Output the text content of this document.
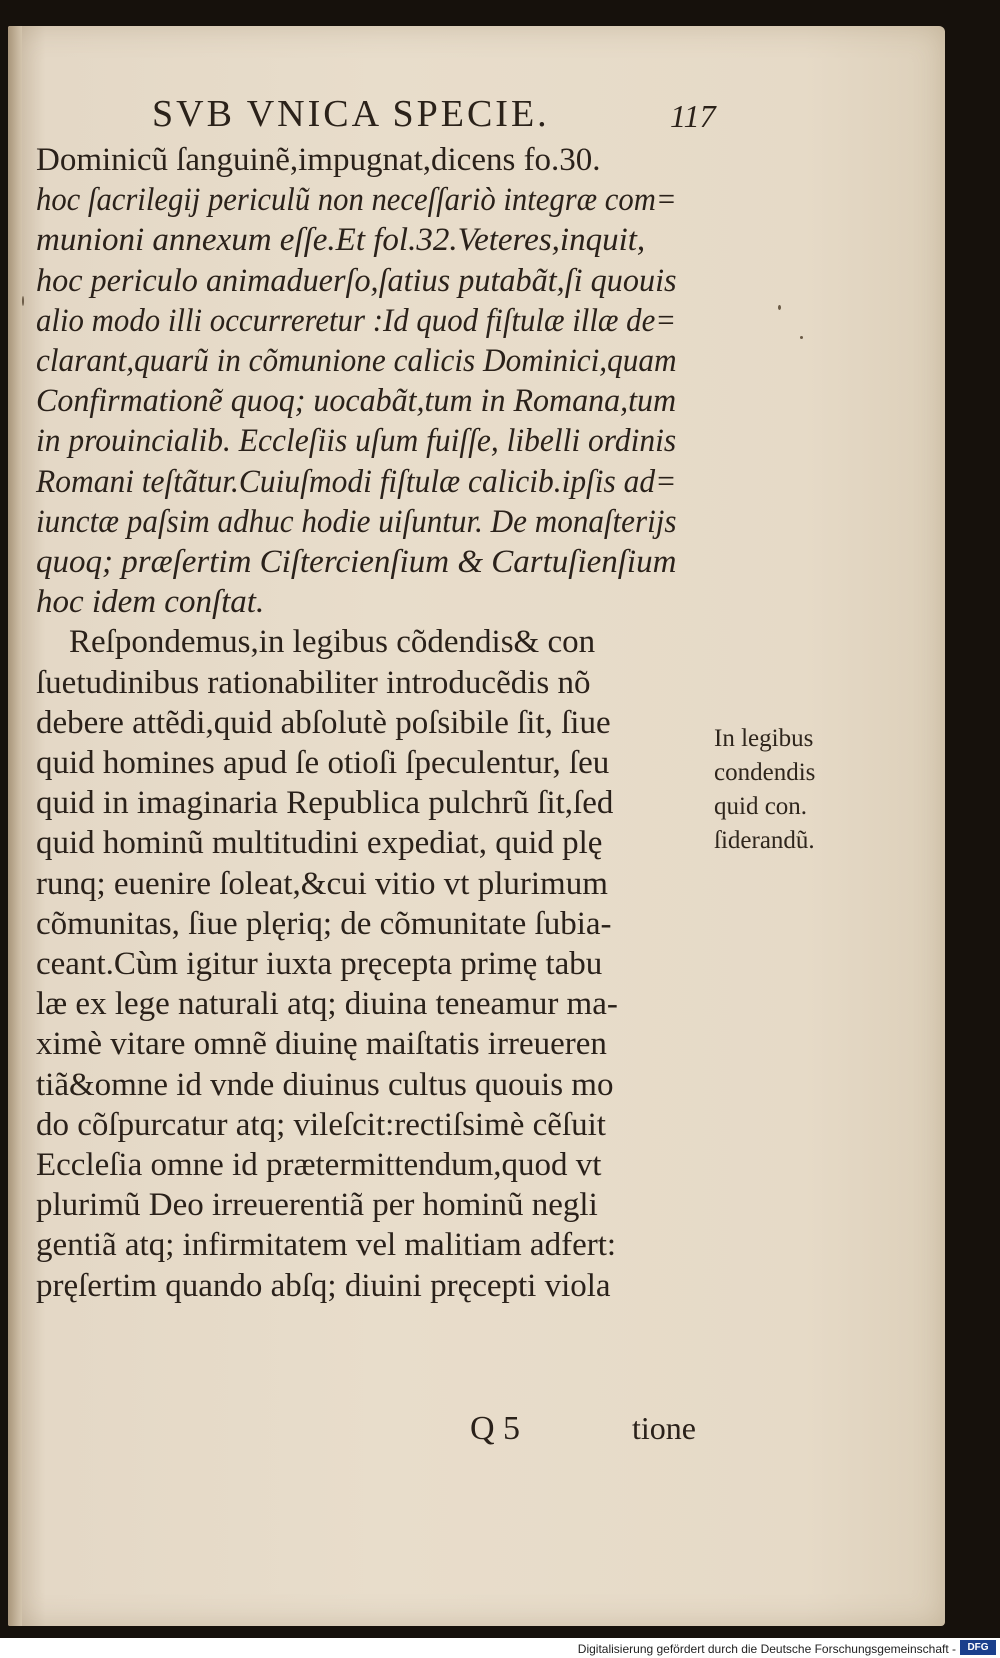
SVB VNICA SPECIE.	117
Dominicũ ſanguinẽ,impugnat,dicens fo.30.
hoc ſacrilegij periculũ non neceſſariò integræ com=
munioni annexum eſſe.Et fol.32.Veteres,inquit,
hoc periculo animaduerſo,ſatius putabãt,ſi quouis
alio modo illi occurreretur :Id quod fiſtulæ illæ de=
clarant,quarũ in cõmunione calicis Dominici,quam
Confirmationẽ quoq; uocabãt,tum in Romana,tum
in prouincialib. Eccleſiis uſum fuiſſe, libelli ordinis
Romani teſtãtur.Cuiuſmodi fiſtulæ calicib.ipſis ad=
iunctæ paſsim adhuc hodie uiſuntur. De monaſterijs
quoq; præſertim Ciſtercienſium & Cartuſienſium
hoc idem conſtat.
Reſpondemus,in legibus cõdendis& con
ſuetudinibus rationabiliter introducẽdis nõ
debere attẽdi,quid abſolutè poſsibile ſit, ſiue
quid homines apud ſe otioſi ſpeculentur, ſeu
quid in imaginaria Republica pulchrũ ſit,ſed
quid hominũ multitudini expediat, quid plę
runq; euenire ſoleat,&cui vitio vt plurimum
cõmunitas, ſiue plęriq; de cõmunitate ſubia-
ceant.Cùm igitur iuxta pręcepta primę tabu
læ ex lege naturali atq; diuina teneamur ma-
ximè vitare omnẽ diuinę maiſtatis irreueren
tiã&omne id vnde diuinus cultus quouis mo
do cõſpurcatur atq; vileſcit:rectiſsimè cẽſuit
Eccleſia omne id prætermittendum,quod vt
plurimũ Deo irreuerentiã per hominũ negli
gentiã atq; infirmitatem vel malitiam adfert:
pręſertim quando abſq; diuini pręcepti viola
In legibus
condendis
quid con.
ſiderandũ.
Q 5	tione
Digitalisierung gefördert durch die Deutsche Forschungsgemeinschaft -	DFG
